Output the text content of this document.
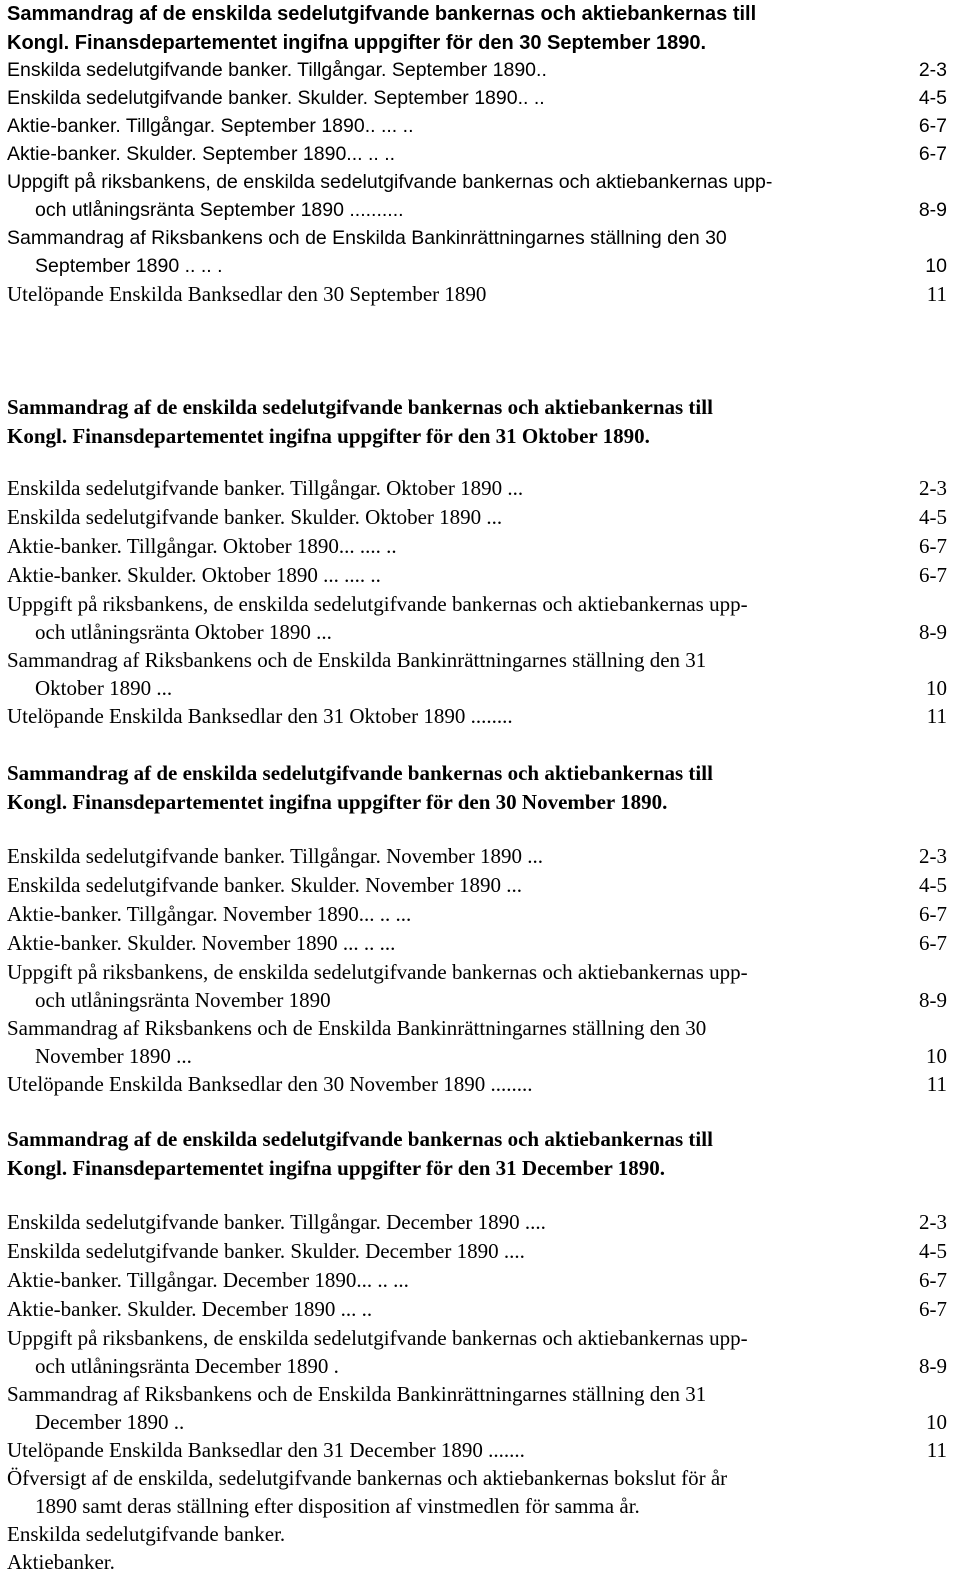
Sammandrag af de enskilda sedelutgifvande bankernas och aktiebankernas till
Kongl. Finansdepartementet ingifna uppgifter för den 30 September 1890.
Enskilda sedelutgifvande banker. Tillgångar. September 1890..	2-3
Enskilda sedelutgifvande banker. Skulder. September 1890.. ..	4-5
Aktie-banker. Tillgångar. September 1890.. ... ..	6-7
Aktie-banker. Skulder. September 1890... .. ..	6-7
Uppgift på riksbankens, de enskilda sedelutgifvande bankernas och aktiebankernas upp-
och utlåningsränta September 1890 ..........	8-9
Sammandrag af Riksbankens och de Enskilda Bankinrättningarnes ställning den 30
September 1890 .. .. .	10
Utelöpande Enskilda Banksedlar den 30 September 1890	11
Sammandrag af de enskilda sedelutgifvande bankernas och aktiebankernas till
Kongl. Finansdepartementet ingifna uppgifter för den 31 Oktober 1890.
Enskilda sedelutgifvande banker. Tillgångar. Oktober 1890 ...	2-3
Enskilda sedelutgifvande banker. Skulder. Oktober 1890 ...	4-5
Aktie-banker. Tillgångar. Oktober 1890... .... ..	6-7
Aktie-banker. Skulder. Oktober 1890 ... .... ..	6-7
Uppgift på riksbankens, de enskilda sedelutgifvande bankernas och aktiebankernas upp-
och utlåningsränta Oktober 1890 ...	8-9
Sammandrag af Riksbankens och de Enskilda Bankinrättningarnes ställning den 31
Oktober 1890 ...	10
Utelöpande Enskilda Banksedlar den 31 Oktober 1890 ........	11
Sammandrag af de enskilda sedelutgifvande bankernas och aktiebankernas till
Kongl. Finansdepartementet ingifna uppgifter för den 30 November 1890.
Enskilda sedelutgifvande banker. Tillgångar. November 1890 ...	2-3
Enskilda sedelutgifvande banker. Skulder. November 1890 ...	4-5
Aktie-banker. Tillgångar. November 1890... .. ...	6-7
Aktie-banker. Skulder. November 1890 ... .. ...	6-7
Uppgift på riksbankens, de enskilda sedelutgifvande bankernas och aktiebankernas upp-
och utlåningsränta November 1890	8-9
Sammandrag af Riksbankens och de Enskilda Bankinrättningarnes ställning den 30
November 1890 ...	10
Utelöpande Enskilda Banksedlar den 30 November 1890 ........	11
Sammandrag af de enskilda sedelutgifvande bankernas och aktiebankernas till
Kongl. Finansdepartementet ingifna uppgifter för den 31 December 1890.
Enskilda sedelutgifvande banker. Tillgångar. December 1890 ....	2-3
Enskilda sedelutgifvande banker. Skulder. December 1890 ....	4-5
Aktie-banker. Tillgångar. December 1890... .. ...	6-7
Aktie-banker. Skulder. December 1890 ... ..	6-7
Uppgift på riksbankens, de enskilda sedelutgifvande bankernas och aktiebankernas upp-
och utlåningsränta December 1890 .	8-9
Sammandrag af Riksbankens och de Enskilda Bankinrättningarnes ställning den 31
December 1890 ..	10
Utelöpande Enskilda Banksedlar den 31 December 1890 .......	11
Öfversigt af de enskilda, sedelutgifvande bankernas och aktiebankernas bokslut för år
1890 samt deras ställning efter disposition af vinstmedlen för samma år.
Enskilda sedelutgifvande banker.
Aktiebanker.
